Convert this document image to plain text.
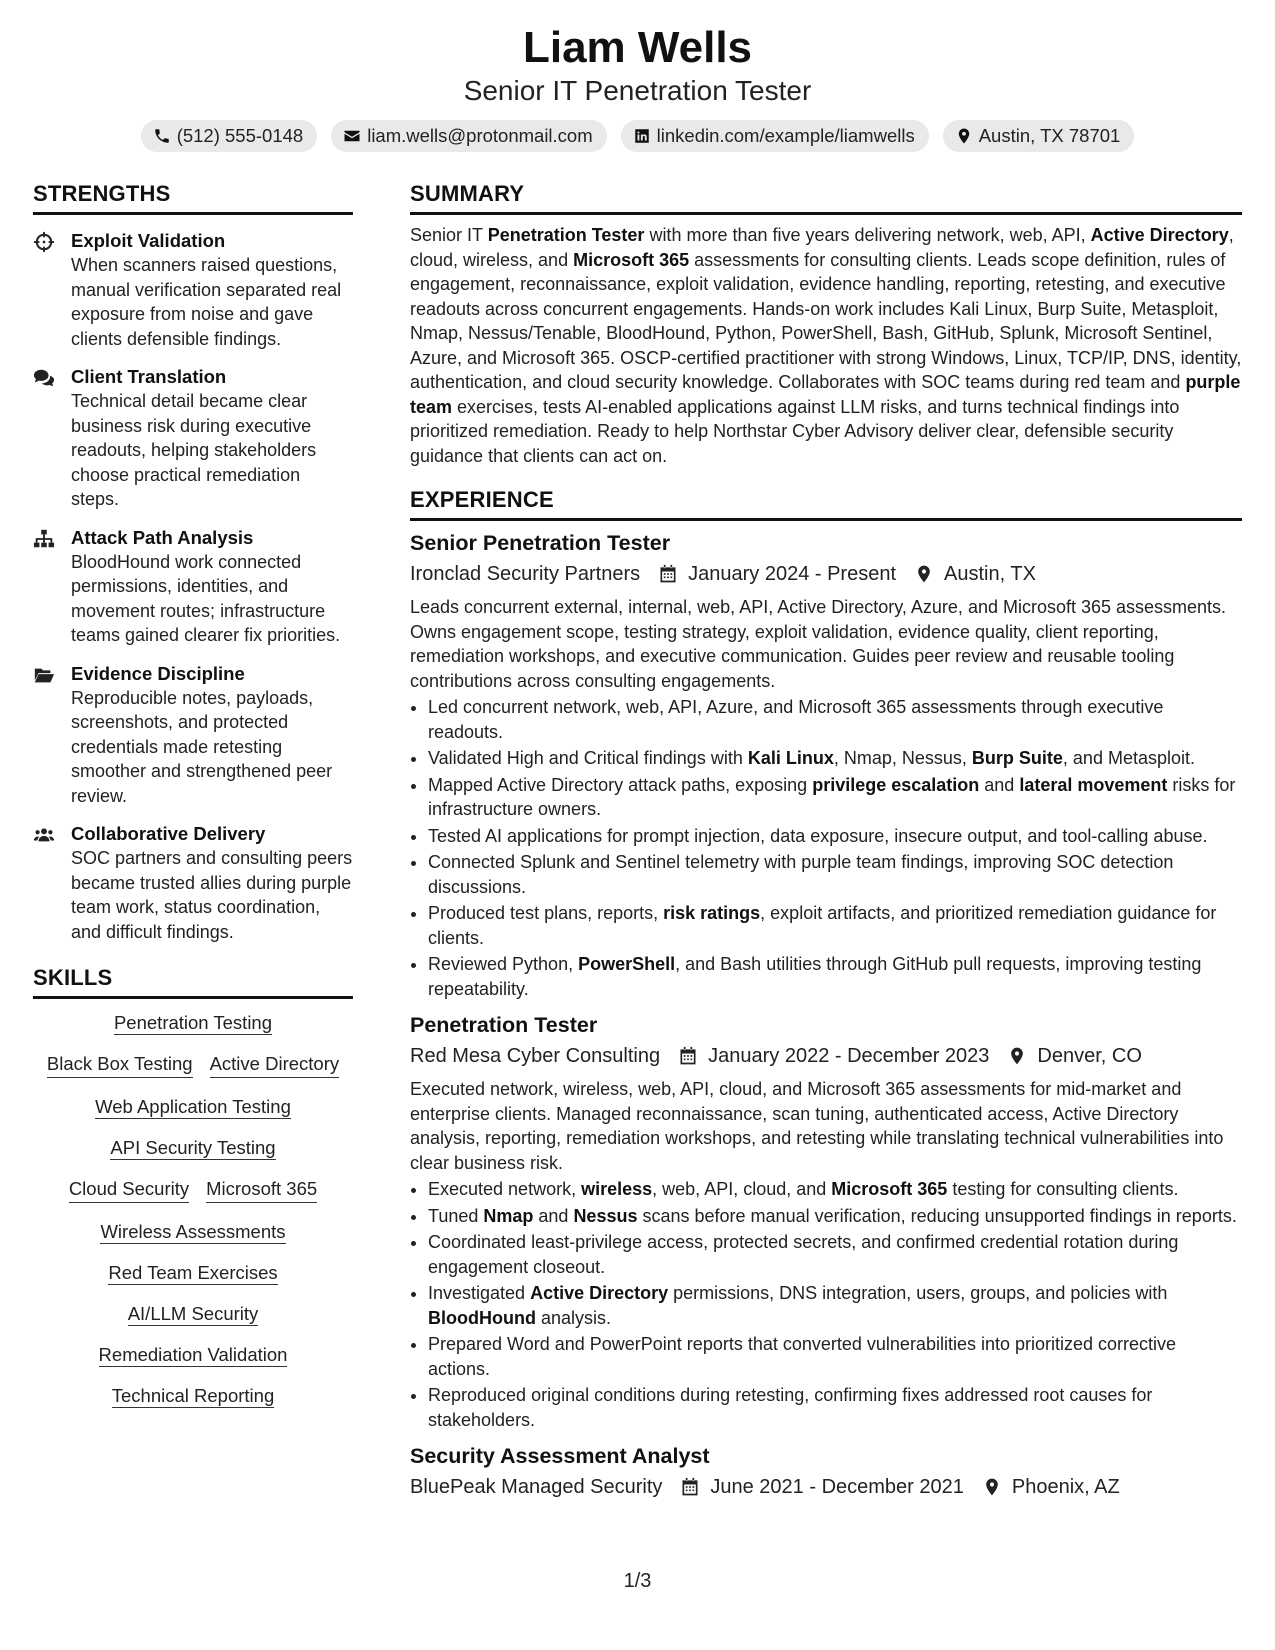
Liam Wells
Senior IT Penetration Tester
(512) 555-0148	liam.wells@protonmail.com	linkedin.com/example/liamwells	Austin, TX 78701
STRENGTHS
Exploit Validation
When scanners raised questions, manual verification separated real exposure from noise and gave clients defensible findings.
Client Translation
Technical detail became clear business risk during executive readouts, helping stakeholders choose practical remediation steps.
Attack Path Analysis
BloodHound work connected permissions, identities, and movement routes; infrastructure teams gained clearer fix priorities.
Evidence Discipline
Reproducible notes, payloads, screenshots, and protected credentials made retesting smoother and strengthened peer review.
Collaborative Delivery
SOC partners and consulting peers became trusted allies during purple team work, status coordination, and difficult findings.
SKILLS
Penetration Testing
Black Box Testing Active Directory
Web Application Testing
API Security Testing
Cloud Security Microsoft 365
Wireless Assessments
Red Team Exercises
AI/LLM Security
Remediation Validation
Technical Reporting
SUMMARY
Senior IT Penetration Tester with more than five years delivering network, web, API, Active Directory, cloud, wireless, and Microsoft 365 assessments for consulting clients. Leads scope definition, rules of engagement, reconnaissance, exploit validation, evidence handling, reporting, retesting, and executive readouts across concurrent engagements. Hands-on work includes Kali Linux, Burp Suite, Metasploit, Nmap, Nessus/Tenable, BloodHound, Python, PowerShell, Bash, GitHub, Splunk, Microsoft Sentinel, Azure, and Microsoft 365. OSCP-certified practitioner with strong Windows, Linux, TCP/IP, DNS, identity, authentication, and cloud security knowledge. Collaborates with SOC teams during red team and purple team exercises, tests AI-enabled applications against LLM risks, and turns technical findings into prioritized remediation. Ready to help Northstar Cyber Advisory deliver clear, defensible security guidance that clients can act on.
EXPERIENCE
Senior Penetration Tester
Ironclad Security Partners January 2024 - Present Austin, TX
Leads concurrent external, internal, web, API, Active Directory, Azure, and Microsoft 365 assessments. Owns engagement scope, testing strategy, exploit validation, evidence quality, client reporting, remediation workshops, and executive communication. Guides peer review and reusable tooling contributions across consulting engagements.
• Led concurrent network, web, API, Azure, and Microsoft 365 assessments through executive readouts.
• Validated High and Critical findings with Kali Linux, Nmap, Nessus, Burp Suite, and Metasploit.
• Mapped Active Directory attack paths, exposing privilege escalation and lateral movement risks for infrastructure owners.
• Tested AI applications for prompt injection, data exposure, insecure output, and tool-calling abuse.
• Connected Splunk and Sentinel telemetry with purple team findings, improving SOC detection discussions.
• Produced test plans, reports, risk ratings, exploit artifacts, and prioritized remediation guidance for clients.
• Reviewed Python, PowerShell, and Bash utilities through GitHub pull requests, improving testing repeatability.
Penetration Tester
Red Mesa Cyber Consulting January 2022 - December 2023 Denver, CO
Executed network, wireless, web, API, cloud, and Microsoft 365 assessments for mid-market and enterprise clients. Managed reconnaissance, scan tuning, authenticated access, Active Directory analysis, reporting, remediation workshops, and retesting while translating technical vulnerabilities into clear business risk.
• Executed network, wireless, web, API, cloud, and Microsoft 365 testing for consulting clients.
• Tuned Nmap and Nessus scans before manual verification, reducing unsupported findings in reports.
• Coordinated least-privilege access, protected secrets, and confirmed credential rotation during engagement closeout.
• Investigated Active Directory permissions, DNS integration, users, groups, and policies with BloodHound analysis.
• Prepared Word and PowerPoint reports that converted vulnerabilities into prioritized corrective actions.
• Reproduced original conditions during retesting, confirming fixes addressed root causes for stakeholders.
Security Assessment Analyst
BluePeak Managed Security June 2021 - December 2021 Phoenix, AZ
1/3
